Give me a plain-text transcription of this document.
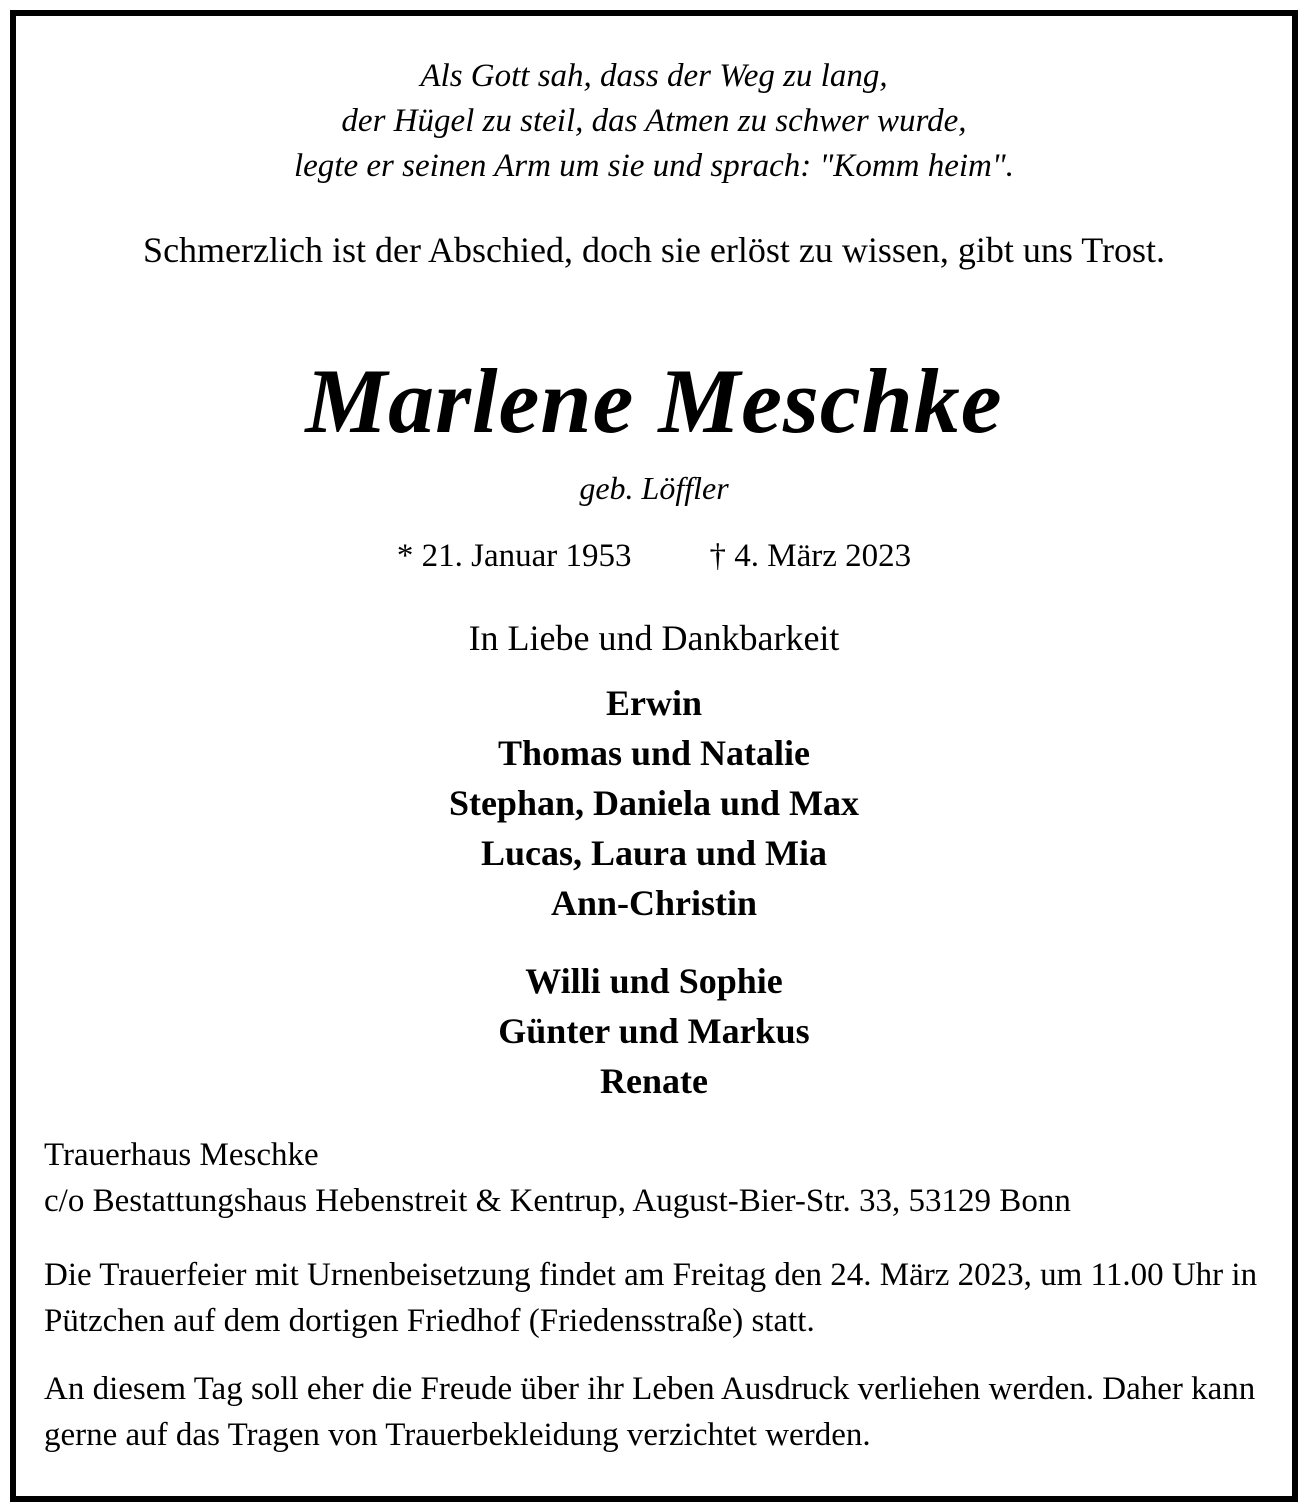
Als Gott sah, dass der Weg zu lang,
der Hügel zu steil, das Atmen zu schwer wurde,
legte er seinen Arm um sie und sprach: "Komm heim".
Schmerzlich ist der Abschied, doch sie erlöst zu wissen, gibt uns Trost.
Marlene Meschke
geb. Löffler
* 21. Januar 1953 † 4. März 2023
In Liebe und Dankbarkeit
Erwin
Thomas und Natalie
Stephan, Daniela und Max
Lucas, Laura und Mia
Ann-Christin
Willi und Sophie
Günter und Markus
Renate
Trauerhaus Meschke
c/o Bestattungshaus Hebenstreit & Kentrup, August-Bier-Str. 33, 53129 Bonn
Die Trauerfeier mit Urnenbeisetzung findet am Freitag den 24. März 2023, um 11.00 Uhr in Pützchen auf dem dortigen Friedhof (Friedensstraße) statt.
An diesem Tag soll eher die Freude über ihr Leben Ausdruck verliehen werden. Daher kann gerne auf das Tragen von Trauerbekleidung verzichtet werden.
